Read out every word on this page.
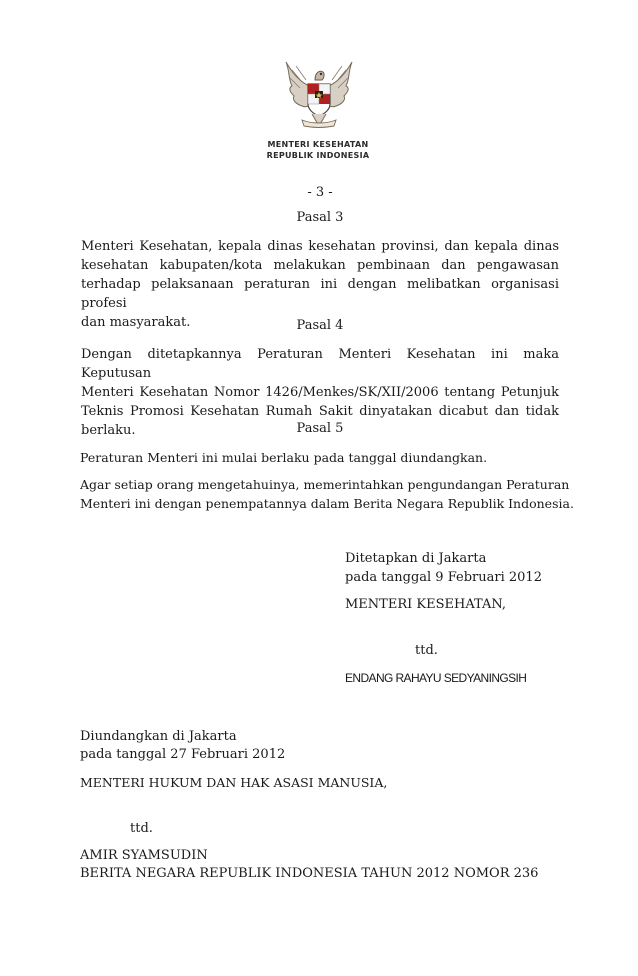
MENTERI KESEHATAN
REPUBLIK INDONESIA
- 3 -
Pasal 3
Menteri Kesehatan, kepala dinas kesehatan provinsi, dan kepala dinas
kesehatan kabupaten/kota melakukan pembinaan dan pengawasan
terhadap pelaksanaan peraturan ini dengan melibatkan organisasi profesi
dan masyarakat.	Pasal 4
Dengan ditetapkannya Peraturan Menteri Kesehatan ini maka Keputusan
Menteri Kesehatan Nomor 1426/Menkes/SK/XII/2006 tentang Petunjuk
Teknis Promosi Kesehatan Rumah Sakit dinyatakan dicabut dan tidak
berlaku.	Pasal 5
Peraturan Menteri ini mulai berlaku pada tanggal diundangkan.
Agar setiap orang mengetahuinya, memerintahkan pengundangan Peraturan
Menteri ini dengan penempatannya dalam Berita Negara Republik Indonesia.
Ditetapkan di Jakarta
pada tanggal 9 Februari 2012
MENTERI KESEHATAN,
ttd.
ENDANG RAHAYU SEDYANINGSIH
Diundangkan di Jakarta
pada tanggal 27 Februari 2012
MENTERI HUKUM DAN HAK ASASI MANUSIA,
ttd.
AMIR SYAMSUDIN
BERITA NEGARA REPUBLIK INDONESIA TAHUN 2012 NOMOR 236
